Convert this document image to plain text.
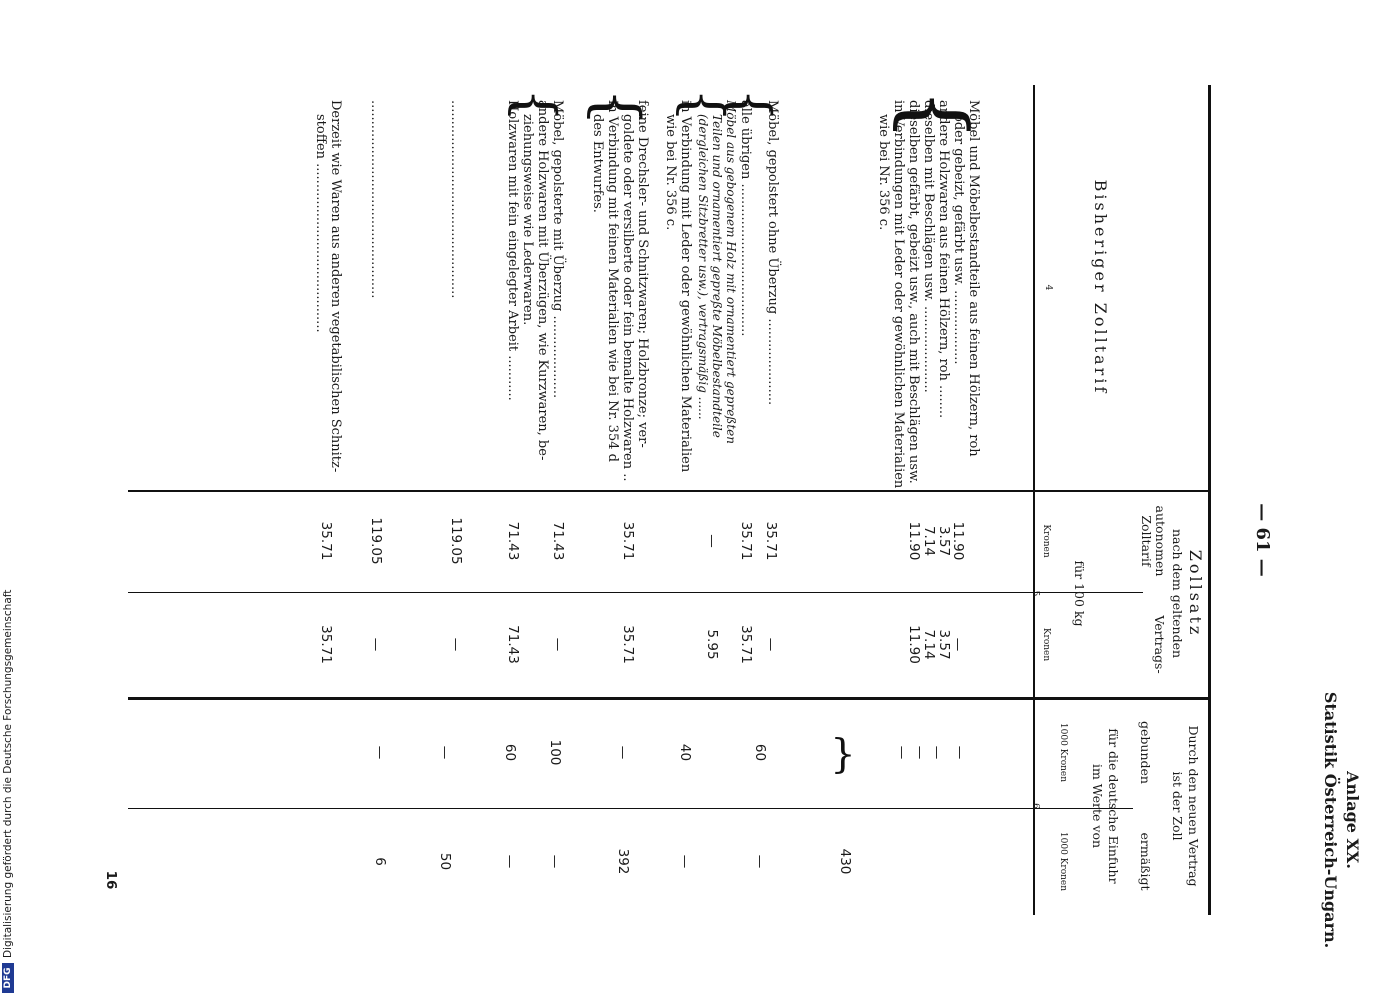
DFG
Digitalisierung gefördert durch die Deutsche Forschungsgemeinschaft	Anlage XX.
Statistik Österreich-Ungarn.
— 61 —
Bisheriger Zolltarif
4
Zollsatz
nach dem geltenden
autonomen Zolltarif
Vertrags-
für 100 kg
Kronen
Kronen
5
Durch den neuen Vertrag
ist der Zoll
gebunden
ermäßigt
für die deutsche Einfuhr
im Werte von
1000 Kronen
1000 Kronen
6
Möbel und Möbelbestandteile aus feinen Hölzern, roh
oder gebeizt, gefärbt usw. ..................
andere Holzwaren aus feinen Hölzern, roh ........
dieselben mit Beschlägen usw. .....................
dieselben gefärbt, gebeizt usw., auch mit Beschlägen usw.
in Verbindungen mit Leder oder gewöhnlichen Materialien
wie bei Nr. 356 c.
Möbel, gepolstert ohne Überzug .....................
alle übrigen .....................................
Möbel aus gebogenem Holz mit ornamentiert gepreßten
Teilen und ornamentiert gepreßte Möbelbestandteile
(dergleichen Sitzbretter usw.), vertragsmäßig ......
in Verbindung mit Leder oder gewöhnlichen Materialien
wie bei Nr. 356 c.
feine Drechsler- und Schnitzwaren; Holzbronze; ver-
goldete oder versilberte oder fein bemalte Holzwaren ..
in Verbindung mit feinen Materialien wie bei Nr. 354 d
des Entwurfes.
Möbel, gepolsterte mit Überzug ....................
andere Holzwaren mit Überzügen, wie Kurzwaren, be-
ziehungsweise wie Lederwaren.
Holzwaren mit fein eingelegter Arbeit ...........
................................................
................................................
Derzeit wie Waren aus anderen vegetabilischen Schnitz-
stoffen .........................................	{
{
{
{
{
11.90
3.57
7.14
11.90
35.71
35.71
—
35.71
71.43
71.43
119.05
119.05
35.71
—
3.57
7.14
11.90
—
35.71
5.95
35.71
—
71.43
—
—
35.71
—
—
—
—
60
40
—
100
60
—
—
—
—
392
—
—
50
6
}
430
16
